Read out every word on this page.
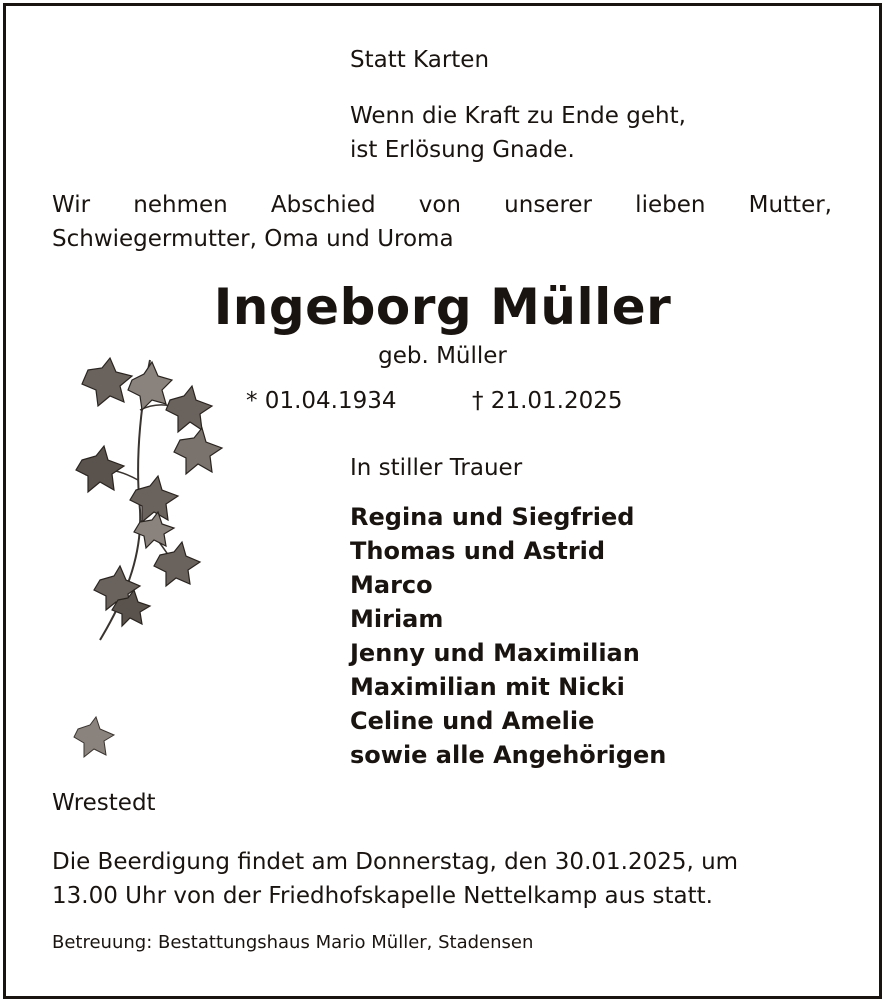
Statt Karten
Wenn die Kraft zu Ende geht,
ist Erlösung Gnade.
Wir nehmen Abschied von unserer lieben Mutter,
Schwiegermutter, Oma und Uroma
Ingeborg Müller
geb. Müller
* 01.04.1934	† 21.01.2025
In stiller Trauer
Regina und Siegfried
Thomas und Astrid
Marco
Miriam
Jenny und Maximilian
Maximilian mit Nicki
Celine und Amelie
sowie alle Angehörigen
Wrestedt
Die Beerdigung findet am Donnerstag, den 30.01.2025, um
13.00 Uhr von der Friedhofskapelle Nettelkamp aus statt.
Betreuung: Bestattungshaus Mario Müller, Stadensen
